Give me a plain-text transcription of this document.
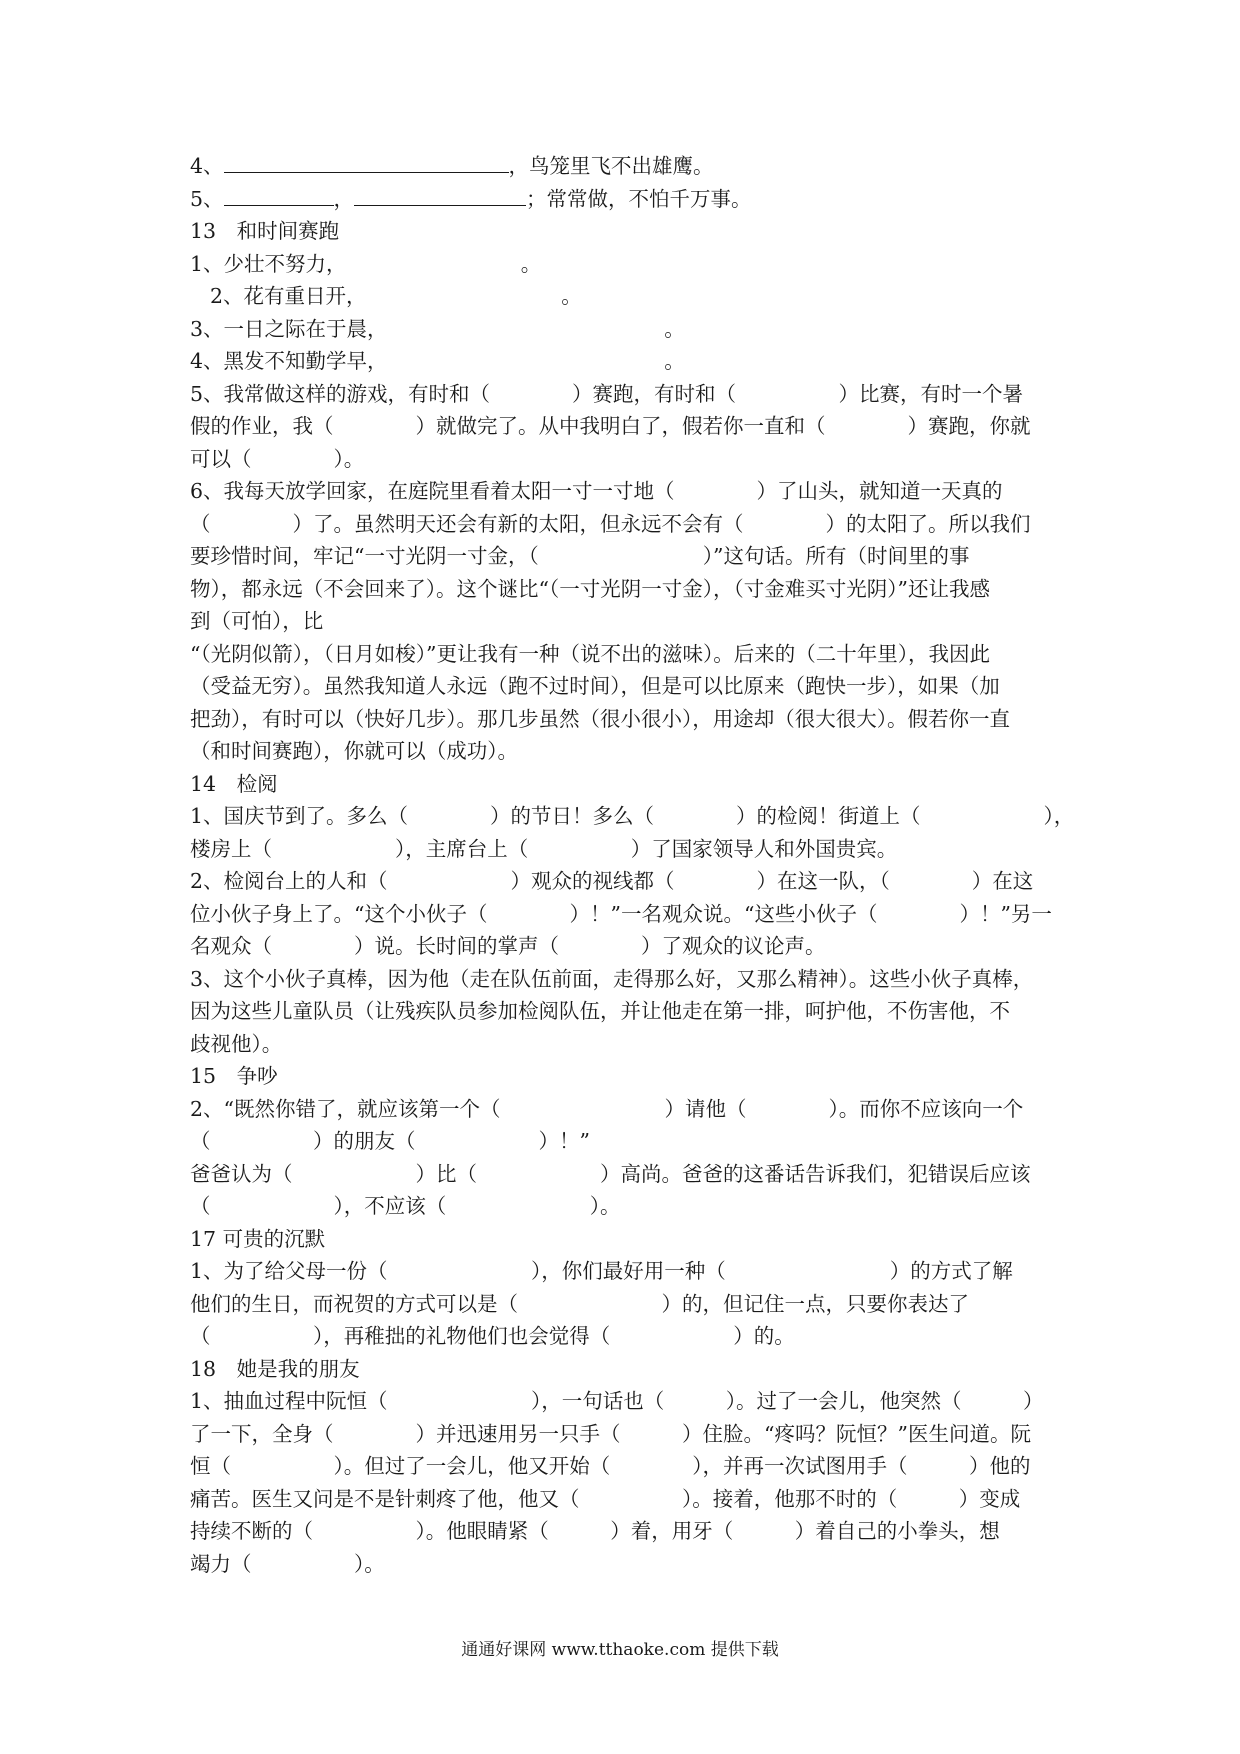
4、	，鸟笼里飞不出雄鹰。
5、	，	；常常做，不怕千万事。
13　和时间赛跑
1、少壮不努力，　　　　　　　　　。
2、花有重日开，　　　　　　　　　　。
3、一日之际在于晨，　　　　　　　　　　　　　　。
4、黑发不知勤学早，　　　　　　　　　　　　　　。
5、我常做这样的游戏，有时和（　　　　）赛跑，有时和（　　　　　）比赛，有时一个暑
假的作业，我（　　　　）就做完了。从中我明白了，假若你一直和（　　　　）赛跑，你就
可以（　　　　）。
6、我每天放学回家，在庭院里看着太阳一寸一寸地（　　　　）了山头，就知道一天真的
（　　　　）了。虽然明天还会有新的太阳，但永远不会有（　　　　）的太阳了。所以我们
要珍惜时间，牢记“一寸光阴一寸金，（　　　　　　　　）”这句话。所有（时间里的事
物），都永远（不会回来了）。这个谜比“（一寸光阴一寸金），（寸金难买寸光阴）”还让我感
到（可怕），比
“（光阴似箭），（日月如梭）”更让我有一种（说不出的滋味）。后来的（二十年里），我因此
（受益无穷）。虽然我知道人永远（跑不过时间），但是可以比原来（跑快一步），如果（加
把劲），有时可以（快好几步）。那几步虽然（很小很小），用途却（很大很大）。假若你一直
（和时间赛跑），你就可以（成功）。
14　检阅
1、国庆节到了。多么（　　　　）的节日！多么（　　　　）的检阅！街道上（　　　　　　），
楼房上（　　　　　　），主席台上（　　　　　）了国家领导人和外国贵宾。
2、检阅台上的人和（　　　　　　）观众的视线都（　　　　）在这一队，（　　　　）在这
位小伙子身上了。“这个小伙子（　　　　）！”一名观众说。“这些小伙子（　　　　）！”另一
名观众（　　　　）说。长时间的掌声（　　　　）了观众的议论声。
3、这个小伙子真棒，因为他（走在队伍前面，走得那么好，又那么精神）。这些小伙子真棒，
因为这些儿童队员（让残疾队员参加检阅队伍，并让他走在第一排，呵护他，不伤害他，不
歧视他）。
15　争吵
2、“既然你错了，就应该第一个（　　　　　　　　）请他（　　　　）。而你不应该向一个
（　　　　　）的朋友（　　　　　　）！”
爸爸认为（　　　　　　）比（　　　　　　）高尚。爸爸的这番话告诉我们，犯错误后应该
（　　　　　　），不应该（　　　　　　　）。
17 可贵的沉默
1、为了给父母一份（　　　　　　　），你们最好用一种（　　　　　　　　）的方式了解
他们的生日，而祝贺的方式可以是（　　　　　　　）的，但记住一点，只要你表达了
（　　　　　），再稚拙的礼物他们也会觉得（　　　　　　）的。
18　她是我的朋友
1、抽血过程中阮恒（　　　　　　　），一句话也（　　　）。过了一会儿，他突然（　　　）
了一下，全身（　　　　）并迅速用另一只手（　　　）住脸。“疼吗？阮恒？”医生问道。阮
恒（　　　　　）。但过了一会儿，他又开始（　　　　），并再一次试图用手（　　　）他的
痛苦。医生又问是不是针刺疼了他，他又（　　　　　）。接着，他那不时的（　　　）变成
持续不断的（　　　　　）。他眼睛紧（　　　）着，用牙（　　　）着自己的小拳头，想
竭力（　　　　　）。
通通好课网 www.tthaoke.com 提供下载
